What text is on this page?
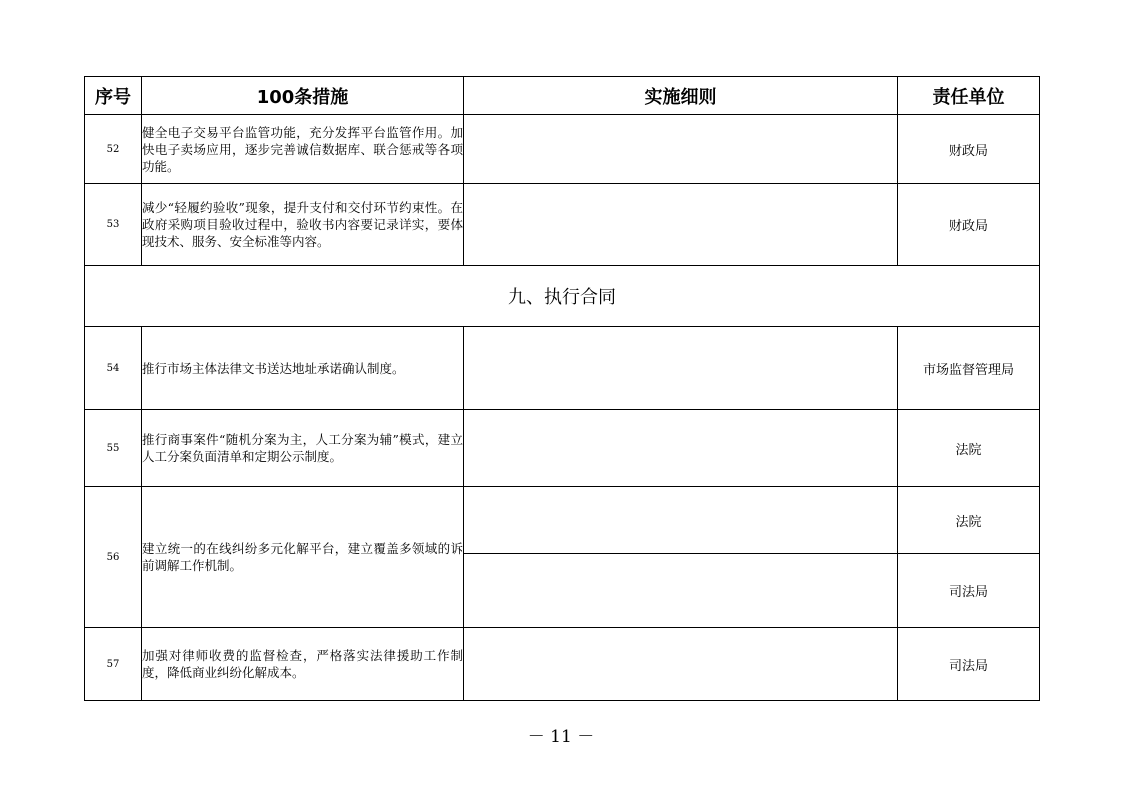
序号	100条措施	实施细则	责任单位
52	健全电子交易平台监管功能，充分发挥平台监管作用。加快电子卖场应用，逐步完善诚信数据库、联合惩戒等各项功能。		财政局
53	减少“轻履约验收”现象，提升支付和交付环节约束性。在政府采购项目验收过程中，验收书内容要记录详实，要体现技术、服务、安全标准等内容。		财政局
九、执行合同			
54	推行市场主体法律文书送达地址承诺确认制度。		市场监督管理局
55	推行商事案件“随机分案为主，人工分案为辅”模式，建立人工分案负面清单和定期公示制度。		法院
56	建立统一的在线纠纷多元化解平台，建立覆盖多领域的诉前调解工作机制。		法院
			司法局
57	加强对律师收费的监督检查，严格落实法律援助工作制度，降低商业纠纷化解成本。		司法局
－ 11 －
